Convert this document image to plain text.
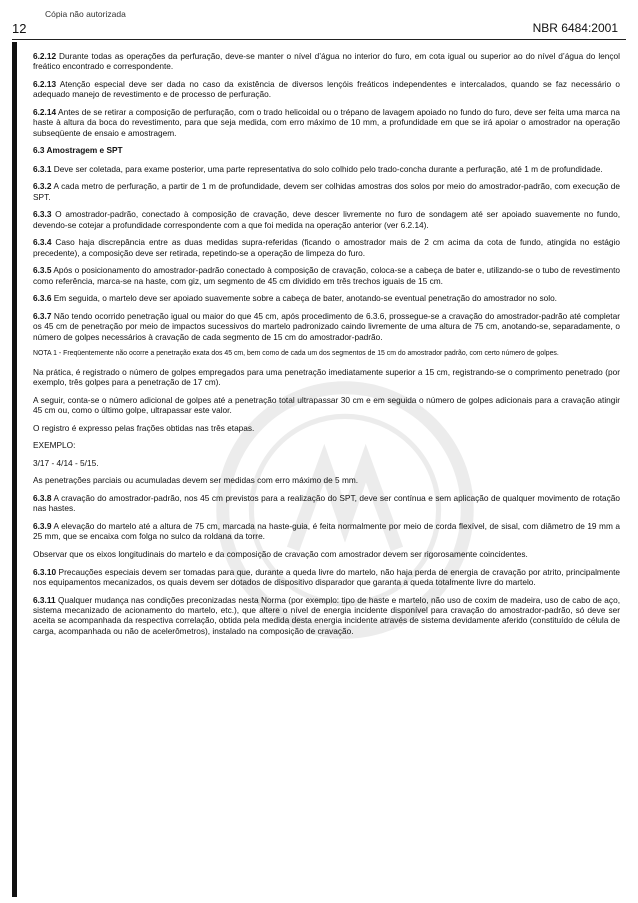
Cópia não autorizada
12	NBR 6484:2001

6.2.12 Durante todas as operações da perfuração, deve-se manter o nível d’água no interior do furo, em cota igual ou superior ao do nível d’água do lençol freático encontrado e correspondente.

6.2.13 Atenção especial deve ser dada no caso da existência de diversos lençóis freáticos independentes e intercalados, quando se faz necessário o adequado manejo de revestimento e de processo de perfuração.

6.2.14 Antes de se retirar a composição de perfuração, com o trado helicoidal ou o trépano de lavagem apoiado no fundo do furo, deve ser feita uma marca na haste à altura da boca do revestimento, para que seja medida, com erro máximo de 10 mm, a profundidade em que se irá apoiar o amostrador na operação subseqüente de ensaio e amostragem.

6.3 Amostragem e SPT

6.3.1 Deve ser coletada, para exame posterior, uma parte representativa do solo colhido pelo trado-concha durante a perfuração, até 1 m de profundidade.

6.3.2 A cada metro de perfuração, a partir de 1 m de profundidade, devem ser colhidas amostras dos solos por meio do amostrador-padrão, com execução de SPT.

6.3.3 O amostrador-padrão, conectado à composição de cravação, deve descer livremente no furo de sondagem até ser apoiado suavemente no fundo, devendo-se cotejar a profundidade correspondente com a que foi medida na operação anterior (ver 6.2.14).

6.3.4 Caso haja discrepância entre as duas medidas supra-referidas (ficando o amostrador mais de 2 cm acima da cota de fundo, atingida no estágio precedente), a composição deve ser retirada, repetindo-se a operação de limpeza do furo.

6.3.5 Após o posicionamento do amostrador-padrão conectado à composição de cravação, coloca-se a cabeça de bater e, utilizando-se o tubo de revestimento como referência, marca-se na haste, com giz, um segmento de 45 cm dividido em três trechos iguais de 15 cm.

6.3.6 Em seguida, o martelo deve ser apoiado suavemente sobre a cabeça de bater, anotando-se eventual penetração do amostrador no solo.

6.3.7 Não tendo ocorrido penetração igual ou maior do que 45 cm, após procedimento de 6.3.6, prossegue-se a cravação do amostrador-padrão até completar os 45 cm de penetração por meio de impactos sucessivos do martelo padronizado caindo livremente de uma altura de 75 cm, anotando-se, separadamente, o número de golpes necessários à cravação de cada segmento de 15 cm do amostrador-padrão.

NOTA 1 - Freqüentemente não ocorre a penetração exata dos 45 cm, bem como de cada um dos segmentos de 15 cm do amostrador padrão, com certo número de golpes.

Na prática, é registrado o número de golpes empregados para uma penetração imediatamente superior a 15 cm, registrando-se o comprimento penetrado (por exemplo, três golpes para a penetração de 17 cm).

A seguir, conta-se o número adicional de golpes até a penetração total ultrapassar 30 cm e em seguida o número de golpes adicionais para a cravação atingir 45 cm ou, como o último golpe, ultrapassar este valor.

O registro é expresso pelas frações obtidas nas três etapas.

EXEMPLO:

3/17 - 4/14 - 5/15.

As penetrações parciais ou acumuladas devem ser medidas com erro máximo de 5 mm.

6.3.8 A cravação do amostrador-padrão, nos 45 cm previstos para a realização do SPT, deve ser contínua e sem aplicação de qualquer movimento de rotação nas hastes.

6.3.9 A elevação do martelo até a altura de 75 cm, marcada na haste-guia, é feita normalmente por meio de corda flexível, de sisal, com diâmetro de 19 mm a 25 mm, que se encaixa com folga no sulco da roldana da torre.

Observar que os eixos longitudinais do martelo e da composição de cravação com amostrador devem ser rigorosamente coincidentes.

6.3.10 Precauções especiais devem ser tomadas para que, durante a queda livre do martelo, não haja perda de energia de cravação por atrito, principalmente nos equipamentos mecanizados, os quais devem ser dotados de dispositivo disparador que garanta a queda totalmente livre do martelo.

6.3.11 Qualquer mudança nas condições preconizadas nesta Norma (por exemplo: tipo de haste e martelo, não uso de coxim de madeira, uso de cabo de aço, sistema mecanizado de acionamento do martelo, etc.), que altere o nível de energia incidente disponível para cravação do amostrador-padrão, só deve ser aceita se acompanhada da respectiva correlação, obtida pela medida desta energia incidente através de sistema devidamente aferido (constituído de célula de carga, acompanhada ou não de acelerômetros), instalado na composição de cravação.
